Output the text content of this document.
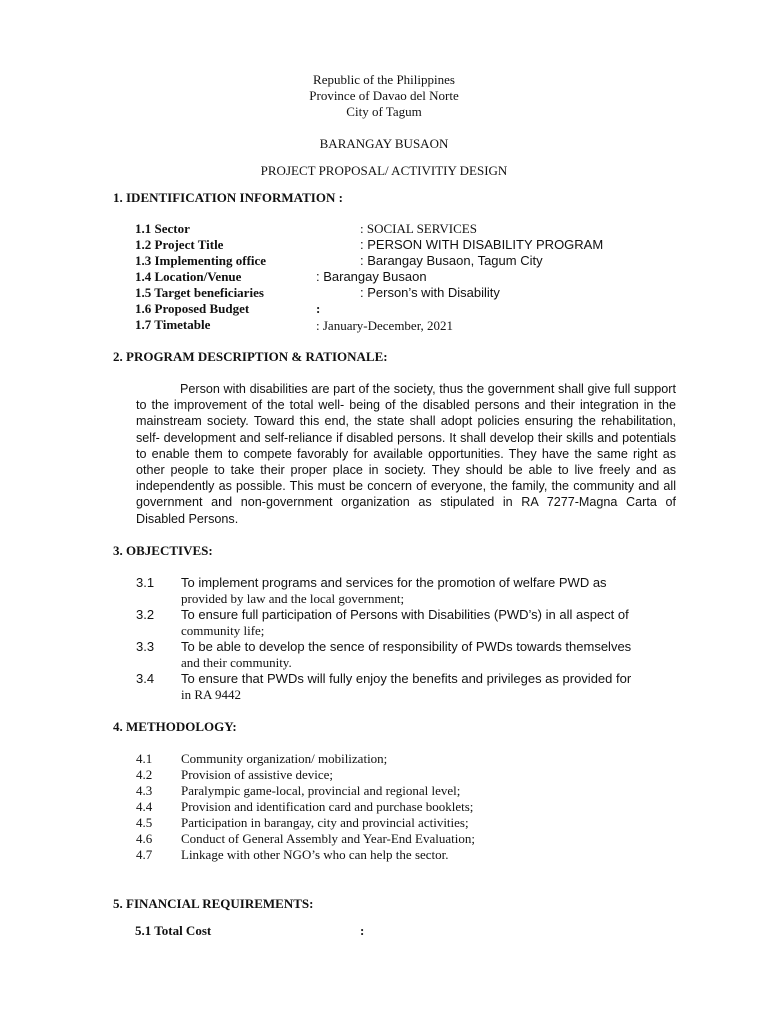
Republic of the Philippines
Province of Davao del Norte
City of Tagum
BARANGAY BUSAON
PROJECT PROPOSAL/ ACTIVITIY DESIGN
1. IDENTIFICATION INFORMATION :
1.1 Sector	: SOCIAL SERVICES
1.2 Project Title	: PERSON WITH DISABILITY PROGRAM
1.3 Implementing office	: Barangay Busaon, Tagum City
1.4 Location/Venue	: Barangay Busaon
1.5 Target beneficiaries	: Person’s with Disability
1.6 Proposed Budget	:
1.7 Timetable	: January-December, 2021
2. PROGRAM DESCRIPTION & RATIONALE:
Person with disabilities are part of the society, thus the government shall give full support to the improvement of the total well- being of the disabled persons and their integration in the mainstream society. Toward this end, the state shall adopt policies ensuring the rehabilitation, self- development and self-reliance if disabled persons. It shall develop their skills and potentials to enable them to compete favorably for available opportunities. They have the same right as other people to take their proper place in society. They should be able to live freely and as independently as possible. This must be concern of everyone, the family, the community and all government and non-government organization as stipulated in RA 7277-Magna Carta of Disabled Persons.
3. OBJECTIVES:
3.1 To implement programs and services for the promotion of welfare PWD as
provided by law and the local government;
3.2 To ensure full participation of Persons with Disabilities (PWD’s) in all aspect of
community life;
3.3 To be able to develop the sence of responsibility of PWDs towards themselves
and their community.
3.4 To ensure that PWDs will fully enjoy the benefits and privileges as provided for
in RA 9442
4. METHODOLOGY:
4.1 Community organization/ mobilization;
4.2 Provision of assistive device;
4.3 Paralympic game-local, provincial and regional level;
4.4 Provision and identification card and purchase booklets;
4.5 Participation in barangay, city and provincial activities;
4.6 Conduct of General Assembly and Year-End Evaluation;
4.7 Linkage with other NGO’s who can help the sector.
5. FINANCIAL REQUIREMENTS:
5.1 Total Cost	:
